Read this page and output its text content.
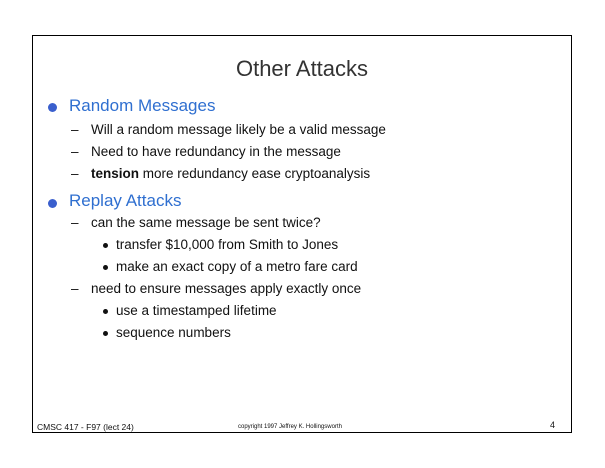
Other Attacks
Random Messages
– Will a random message likely be a valid message
– Need to have redundancy in the message
– tension more redundancy ease cryptoanalysis
Replay Attacks
– can the same message be sent twice?
transfer $10,000 from Smith to Jones
make an exact copy of a metro fare card
– need to ensure messages apply exactly once
use a timestamped lifetime
sequence numbers
CMSC 417 - F97 (lect 24)	copyright 1997 Jeffrey K. Hollingsworth	4
